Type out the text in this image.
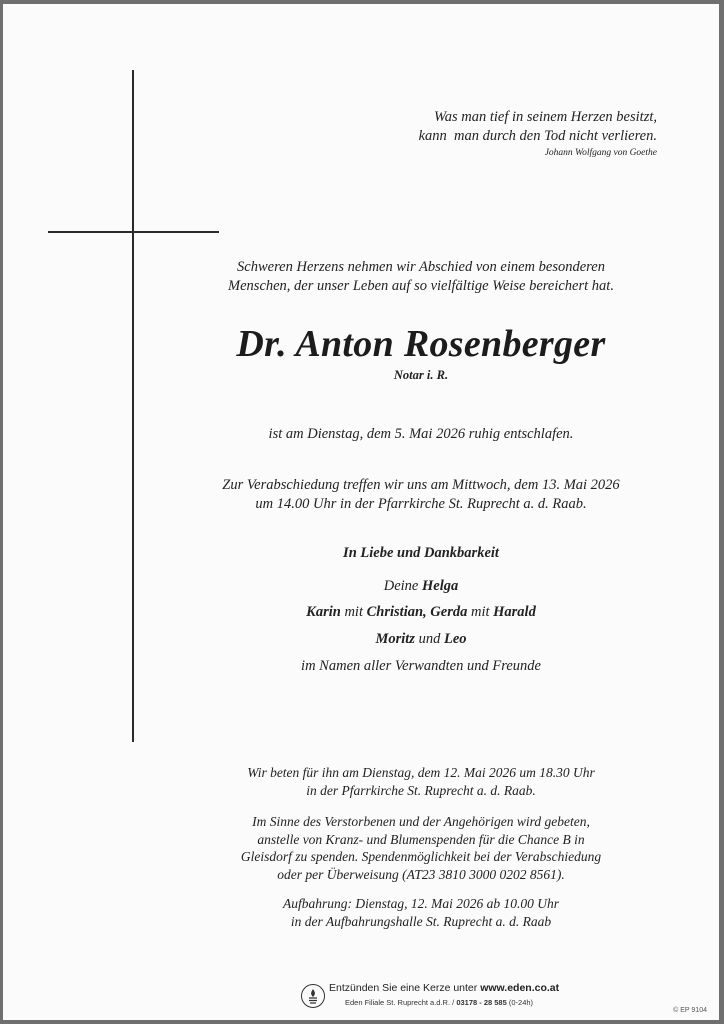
Was man tief in seinem Herzen besitzt,
kann  man durch den Tod nicht verlieren.
Johann Wolfgang von Goethe
Schweren Herzens nehmen wir Abschied von einem besonderen
Menschen, der unser Leben auf so vielfältige Weise bereichert hat.
Dr. Anton Rosenberger
Notar i. R.
ist am Dienstag, dem 5. Mai 2026 ruhig entschlafen.
Zur Verabschiedung treffen wir uns am Mittwoch, dem 13. Mai 2026
um 14.00 Uhr in der Pfarrkirche St. Ruprecht a. d. Raab.
In Liebe und Dankbarkeit
Deine Helga
Karin mit Christian, Gerda mit Harald
Moritz und Leo
im Namen aller Verwandten und Freunde
Wir beten für ihn am Dienstag, dem 12. Mai 2026 um 18.30 Uhr
in der Pfarrkirche St. Ruprecht a. d. Raab.
Im Sinne des Verstorbenen und der Angehörigen wird gebeten,
anstelle von Kranz- und Blumenspenden für die Chance B in
Gleisdorf zu spenden. Spendenmöglichkeit bei der Verabschiedung
oder per Überweisung (AT23 3810 3000 0202 8561).
Aufbahrung: Dienstag, 12. Mai 2026 ab 10.00 Uhr
in der Aufbahrungshalle St. Ruprecht a. d. Raab
Entzünden Sie eine Kerze unter www.eden.co.at
Eden Filiale St. Ruprecht a.d.R. / 03178 - 28 585 (0-24h)
© EP 9104
